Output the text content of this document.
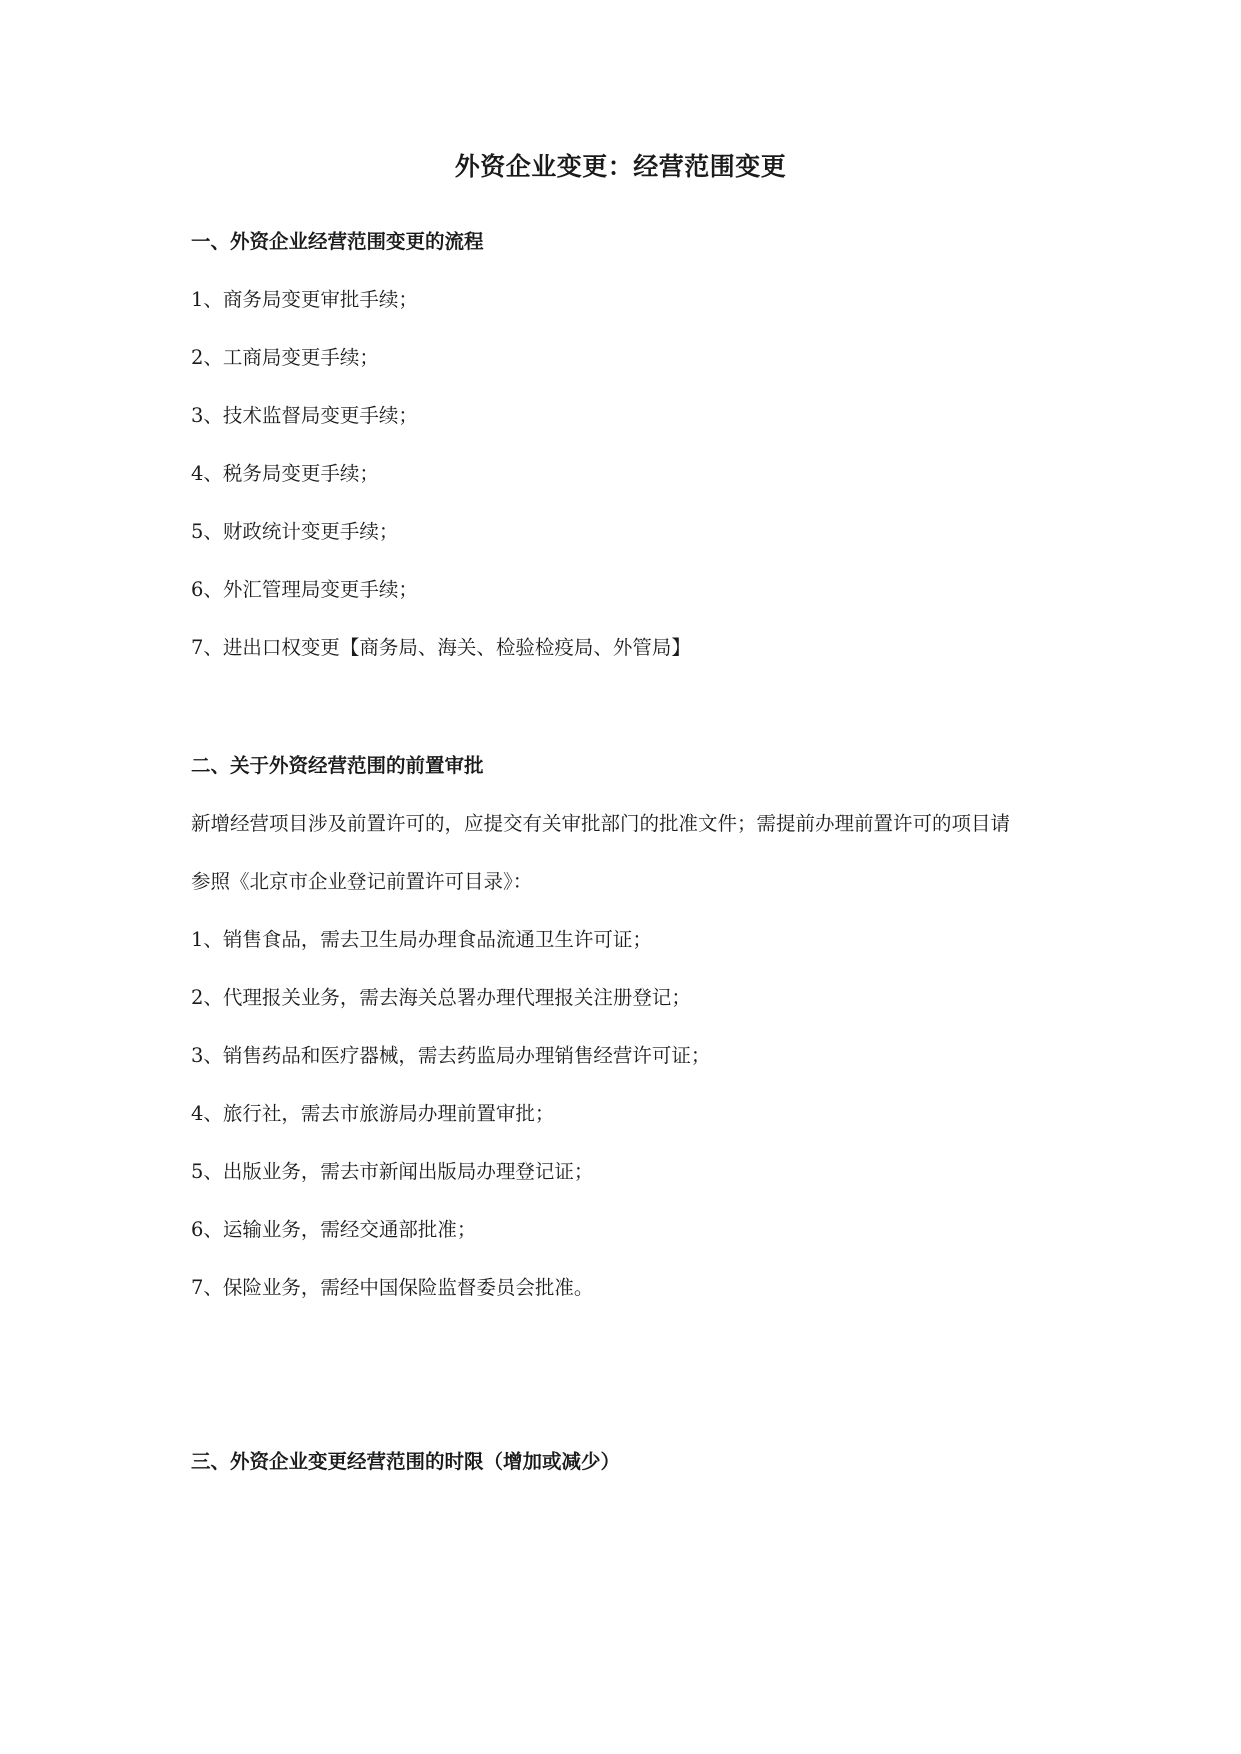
外资企业变更：经营范围变更
一、外资企业经营范围变更的流程
1、商务局变更审批手续；
2、工商局变更手续；
3、技术监督局变更手续；
4、税务局变更手续；
5、财政统计变更手续；
6、外汇管理局变更手续；
7、进出口权变更【商务局、海关、检验检疫局、外管局】
二、关于外资经营范围的前置审批
新增经营项目涉及前置许可的，应提交有关审批部门的批准文件；需提前办理前置许可的项目请
参照《北京市企业登记前置许可目录》：
1、销售食品，需去卫生局办理食品流通卫生许可证；
2、代理报关业务，需去海关总署办理代理报关注册登记；
3、销售药品和医疗器械，需去药监局办理销售经营许可证；
4、旅行社，需去市旅游局办理前置审批；
5、出版业务，需去市新闻出版局办理登记证；
6、运输业务，需经交通部批准；
7、保险业务，需经中国保险监督委员会批准。
三、外资企业变更经营范围的时限（增加或减少）
